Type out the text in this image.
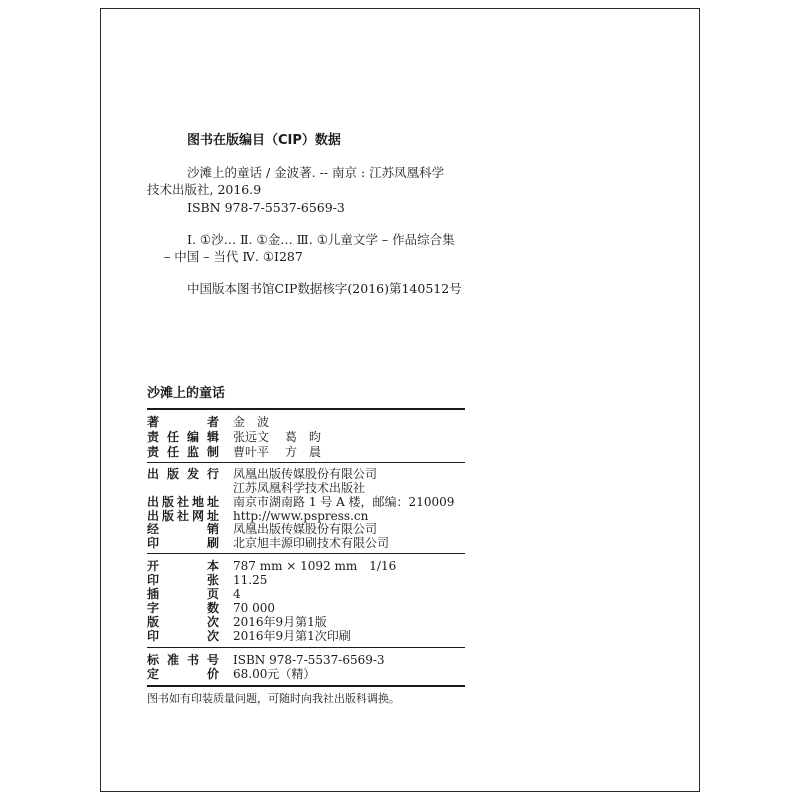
图书在版编目（CIP）数据
沙滩上的童话 / 金波著. -- 南京 : 江苏凤凰科学
技术出版社, 2016.9
ISBN 978-7-5537-6569-3
Ⅰ. ①沙… Ⅱ. ①金… Ⅲ. ①儿童文学 – 作品综合集
– 中国 – 当代 Ⅳ. ①I287
中国版本图书馆CIP数据核字(2016)第140512号
沙滩上的童话
著　　者 金　波
责任编辑 张远文 葛　昀
责任监制 曹叶平 方　晨
出版发行 凤凰出版传媒股份有限公司
江苏凤凰科学技术出版社
出版社地址 南京市湖南路 1 号 A 楼，邮编：210009
出版社网址 http://www.pspress.cn
经　　销 凤凰出版传媒股份有限公司
印　　刷 北京旭丰源印刷技术有限公司
开　　本 787 mm × 1092 mm　1/16
印　　张 11.25
插　　页 4
字　　数 70 000
版　　次 2016年9月第1版
印　　次 2016年9月第1次印刷
标准书号 ISBN 978-7-5537-6569-3
定　　价 68.00元（精）
图书如有印装质量问题，可随时向我社出版科调换。
